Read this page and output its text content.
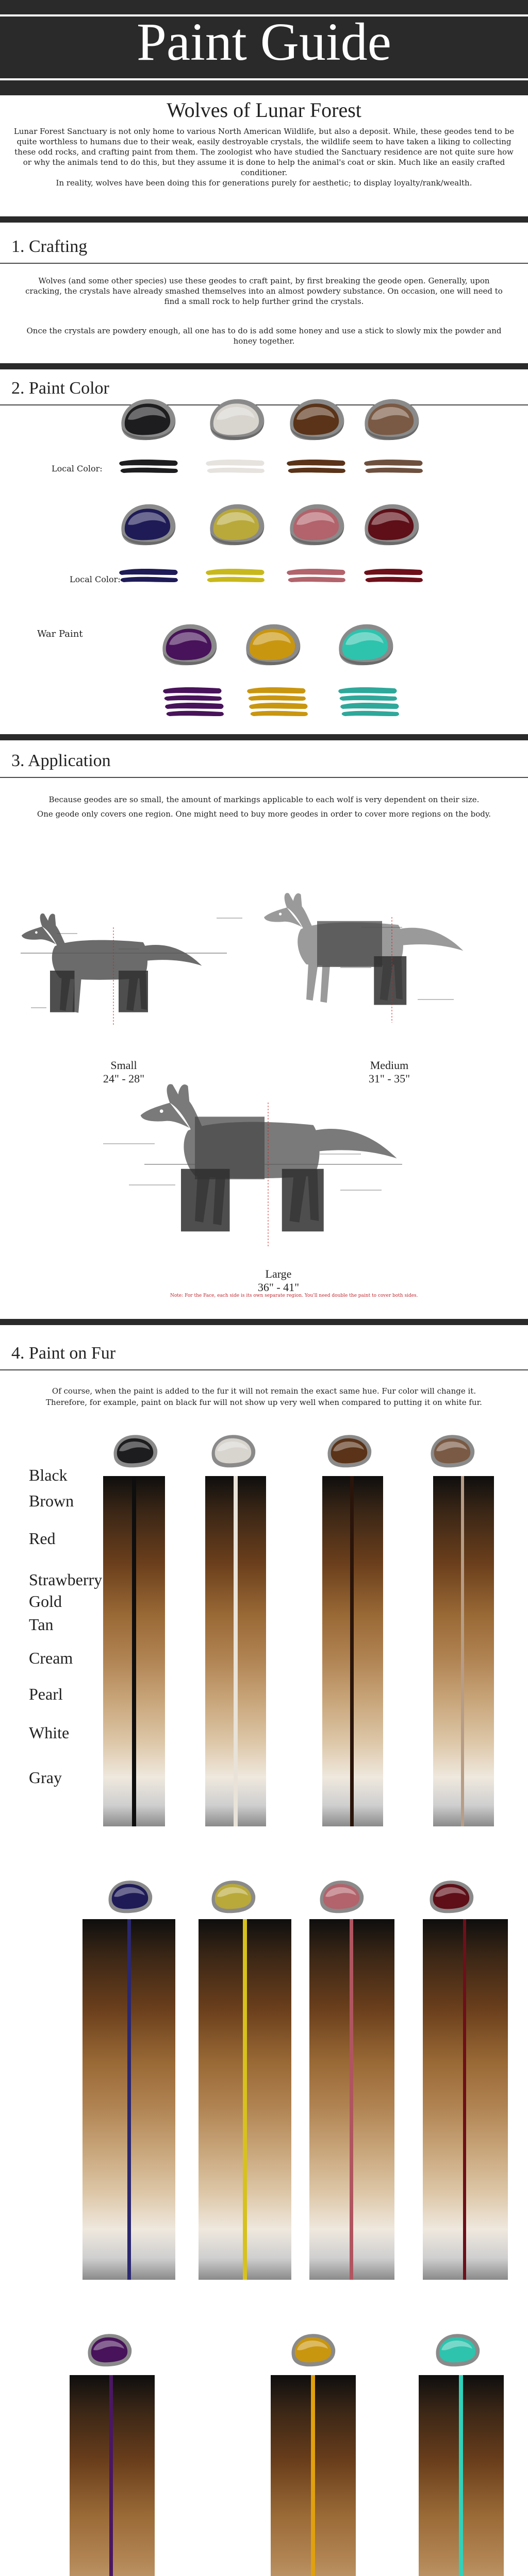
Paint Guide
Wolves of Lunar Forest
Lunar Forest Sanctuary is not only home to various North American Wildlife, but also a deposit. While, these geodes tend to be quite worthless to humans due to their weak, easily destroyable crystals, the wildlife seem to have taken a liking to collecting these odd rocks, and crafting paint from them. The zoologist who have studied the Sanctuary residence are not quite sure how or why the animals tend to do this, but they assume it is done to help the animal's coat or skin. Much like an easily crafted conditioner.
In reality, wolves have been doing this for generations purely for aesthetic; to display loyalty/rank/wealth.
1. Crafting
Wolves (and some other species) use these geodes to craft paint, by first breaking the geode open. Generally, upon cracking, the crystals have already smashed themselves into an almost powdery substance. On occasion, one will need to find a small rock to help further grind the crystals.
Once the crystals are powdery enough, all one has to do is add some honey and use a stick to slowly mix the powder and honey together.
2. Paint Color
Local Color:
Local Color:
War Paint
3. Application
Because geodes are so small, the amount of markings applicable to each wolf is very dependent on their size.
One geode only covers one region. One might need to buy more geodes in order to cover more regions on the body.
Small
24" - 28"
Medium
31" - 35"
Large
36" - 41"
Note: For the Face, each side is its own separate region. You'll need double the paint to cover both sides.
4. Paint on Fur
Of course, when the paint is added to the fur it will not remain the exact same hue. Fur color will change it.
Therefore, for example, paint on black fur will not show up very well when compared to putting it on white fur.
Black
Brown
Red
Strawberry
Gold
Tan
Cream
Pearl
White
Gray
